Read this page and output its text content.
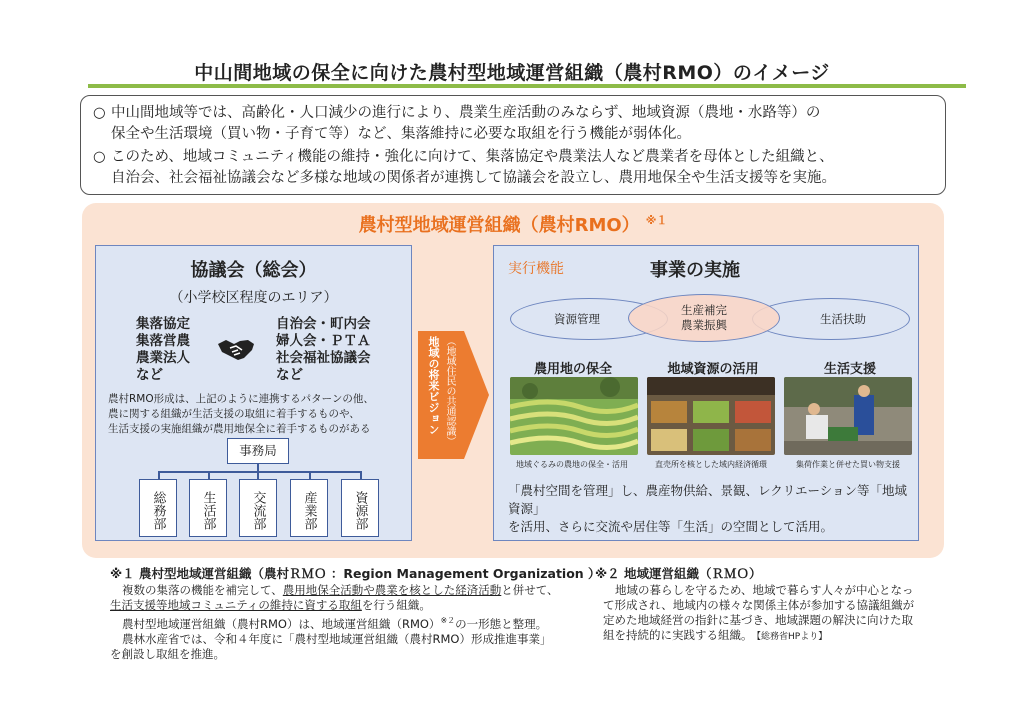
中山間地域の保全に向けた農村型地域運営組織（農村RMO）のイメージ

○ 中山間地域等では、高齢化・人口減少の進行により、農業生産活動のみならず、地域資源（農地・水路等）の
保全や生活環境（買い物・子育て等）など、集落維持に必要な取組を行う機能が弱体化。

○ このため、地域コミュニティ機能の維持・強化に向けて、集落協定や農業法人など農業者を母体とした組織と、
自治会、社会福祉協議会など多様な地域の関係者が連携して協議会を設立し、農用地保全や生活支援等を実施。

農村型地域運営組織（農村RMO） $^{※1}$
協議会（総会）
（小学校区程度のエリア）
集落協定
集落営農
農業法人
など
自治会・町内会
婦人会・ＰＴＡ
社会福祉協議会
など
農村RMO形成は、上記のように連携するパターンの他、
農に関する組織が生活支援の取組に着手するものや、
生活支援の実施組織が農用地保全に着手するものがある
事務局
総務部	生活部	交流部	産業部	資源部
地域の将来ビジョン （地域住民の共通認識）
実行機能	事業の実施
資源管理	生活扶助
生産補完
農業振興
農用地の保全	地域資源の活用	生活支援
地域ぐるみの農地の保全・活用	直売所を核とした域内経済循環	集荷作業と併せた買い物支援
「農村空間を管理」し、農産物供給、景観、レクリエーション等「地域資源」
を活用、さらに交流や居住等「生活」の空間として活用。
※１ 農村型地域運営組織（農村ＲＭＯ ：Region Management Organization ）
複数の集落の機能を補完して、農用地保全活動や農業を核とした経済活動と併せて、
生活支援等地域コミュニティの維持に資する取組を行う組織。
農村型地域運営組織（農村RMO）は、地域運営組織（RMO）$^{※2}$の一形態と整理。
農林水産省では、令和４年度に「農村型地域運営組織（農村RMO）形成推進事業」
を創設し取組を推進。
※２ 地域運営組織（ＲＭＯ）
地域の暮らしを守るため、地域で暮らす人々が中心となっ
て形成され、地域内の様々な関係主体が参加する協議組織が
定めた地域経営の指針に基づき、地域課題の解決に向けた取
組を持続的に実践する組織。 【総務省HPより】
